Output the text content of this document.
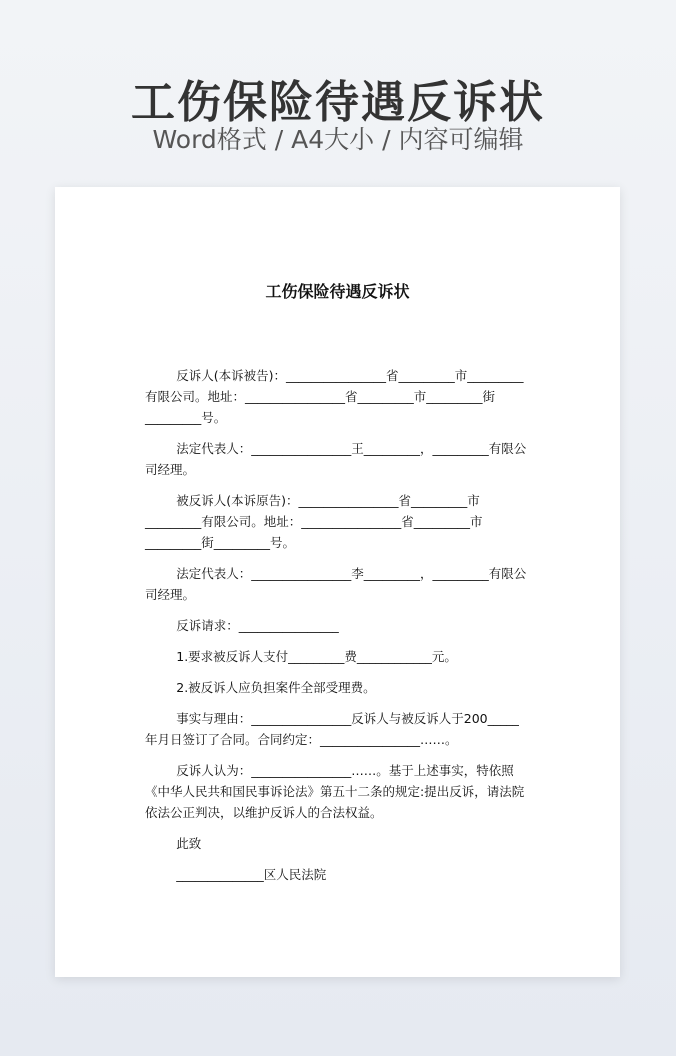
工伤保险待遇反诉状
Word格式 / A4大小 / 内容可编辑
工伤保险待遇反诉状

反诉人(本诉被告)：________________省_________市_________有限公司。地址：________________省_________市_________街_________号。

法定代表人：________________王_________，_________有限公司经理。

被反诉人(本诉原告)：________________省_________市_________有限公司。地址：________________省_________市_________街_________号。

法定代表人：________________李_________，_________有限公司经理。

反诉请求：________________

1.要求被反诉人支付_________费____________元。

2.被反诉人应负担案件全部受理费。

事实与理由：________________反诉人与被反诉人于200_____年月日签订了合同。合同约定：________________……。

反诉人认为：________________……。基于上述事实，特依照《中华人民共和国民事诉论法》第五十二条的规定:提出反诉，请法院依法公正判决，以维护反诉人的合法权益。

此致

______________区人民法院
